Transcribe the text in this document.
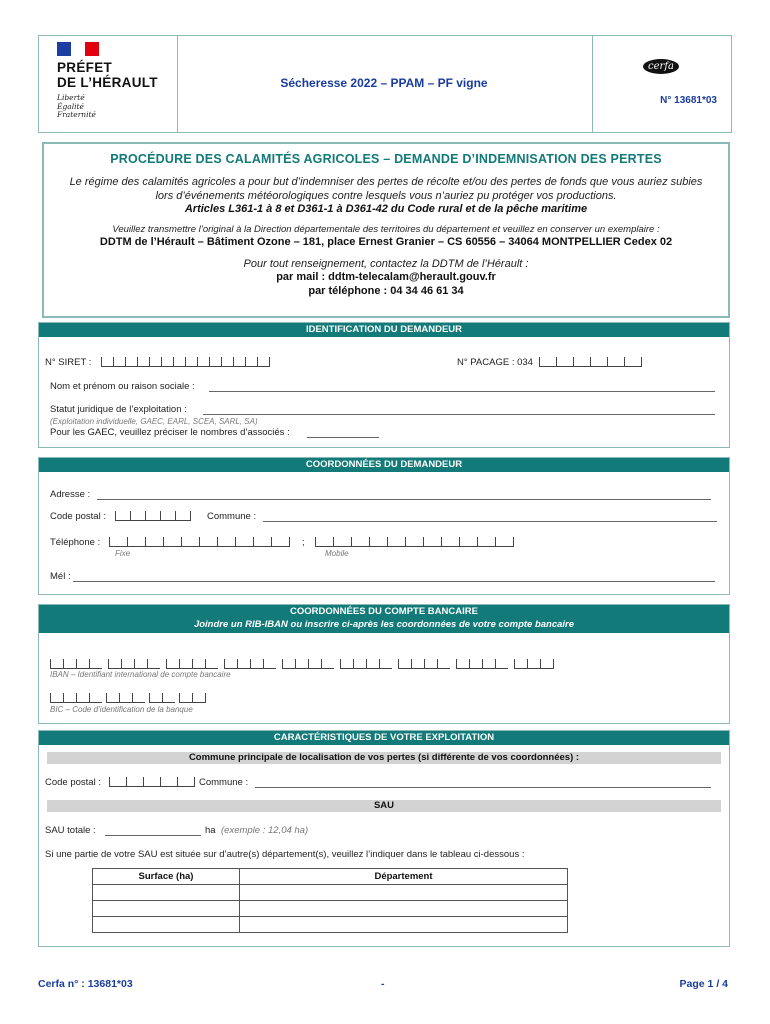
PRÉFET
DE L’HÉRAULT
Liberté
Égalité
Fraternité
Sécheresse 2022 – PPAM – PF vigne
cerfa
N° 13681*03
PROCÉDURE DES CALAMITÉS AGRICOLES – DEMANDE D’INDEMNISATION DES PERTES
Le régime des calamités agricoles a pour but d’indemniser des pertes de récolte et/ou des pertes de fonds que vous auriez subies
lors d’événements météorologiques contre lesquels vous n’auriez pu protéger vos productions.
Articles L361-1 à 8 et D361-1 à D361-42 du Code rural et de la pêche maritime
Veuillez transmettre l’original à la Direction départementale des territoires du département et veuillez en conserver un exemplaire :
DDTM de l’Hérault – Bâtiment Ozone – 181, place Ernest Granier – CS 60556 – 34064 MONTPELLIER Cedex 02
Pour tout renseignement, contactez la DDTM de l’Hérault :
par mail : ddtm-telecalam@herault.gouv.fr
par téléphone : 04 34 46 61 34
IDENTIFICATION DU DEMANDEUR
N° SIRET :	N° PACAGE : 034
Nom et prénom ou raison sociale :
Statut juridique de l’exploitation :
(Exploitation individuelle, GAEC, EARL, SCEA, SARL, SA)
Pour les GAEC, veuillez préciser le nombres d’associés :
COORDONNÉES DU DEMANDEUR
Adresse :
Code postal :	Commune :
Téléphone :	;
Fixe	Mobile
Mél :
COORDONNÉES DU COMPTE BANCAIRE
Joindre un RIB-IBAN ou inscrire ci-après les coordonnées de votre compte bancaire
IBAN – Identifiant international de compte bancaire
BIC – Code d’identification de la banque
CARACTÉRISTIQUES DE VOTRE EXPLOITATION
Commune principale de localisation de vos pertes (si différente de vos coordonnées) :
Code postal :	Commune :
SAU
SAU totale :	ha (exemple : 12,04 ha)
Si une partie de votre SAU est située sur d’autre(s) département(s), veuillez l’indiquer dans le tableau ci-dessous :
Surface (ha)	Département

Cerfa n° : 13681*03	-	Page 1 / 4
